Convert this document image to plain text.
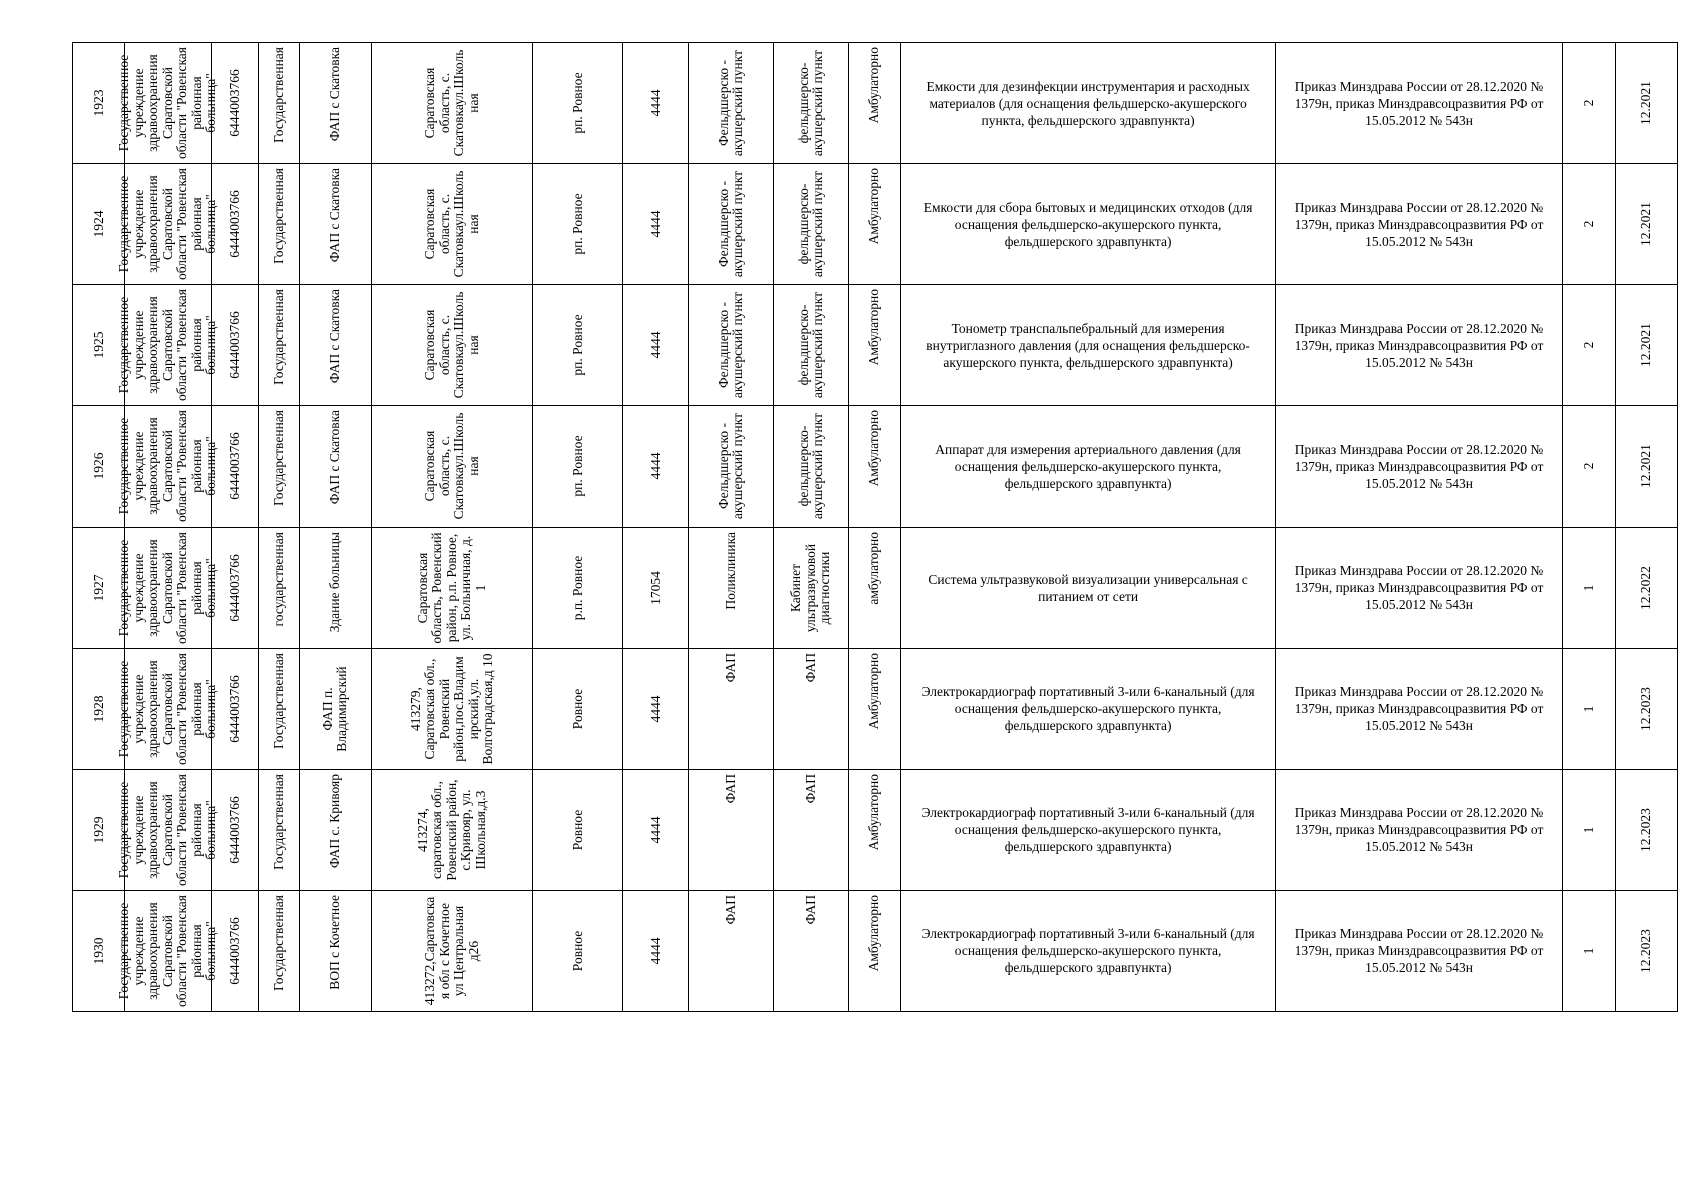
1923	Государственное учреждение здравоохранения Саратовской области "Ровенская районная больница"	6444003766	Государственная	ФАП с Скатовка	Саратовская область, с. Скатовкаул.Школьная	рп. Ровное	4444	Фельдшерско - акушерский пункт	фельдшерско-акушерский пункт	Амбулаторно	Емкости для дезинфекции инструментария и расходных материалов (для оснащения фельдшерско-акушерского пункта, фельдшерского здравпункта)	Приказ Минздрава России от 28.12.2020 № 1379н, приказ Минздравсоцразвития РФ от 15.05.2012 № 543н	2	12.2021

1924	Государственное учреждение здравоохранения Саратовской области "Ровенская районная больница"	6444003766	Государственная	ФАП с Скатовка	Саратовская область, с. Скатовкаул.Школьная	рп. Ровное	4444	Фельдшерско - акушерский пункт	фельдшерско-акушерский пункт	Амбулаторно	Емкости для сбора бытовых и медицинских отходов (для оснащения фельдшерско-акушерского пункта, фельдшерского здравпункта)	Приказ Минздрава России от 28.12.2020 № 1379н, приказ Минздравсоцразвития РФ от 15.05.2012 № 543н	2	12.2021

1925	Государственное учреждение здравоохранения Саратовской области "Ровенская районная больница"	6444003766	Государственная	ФАП с Скатовка	Саратовская область, с. Скатовкаул.Школьная	рп. Ровное	4444	Фельдшерско - акушерский пункт	фельдшерско-акушерский пункт	Амбулаторно	Тонометр транспальпебральный для измерения внутриглазного давления (для оснащения фельдшерско-акушерского пункта, фельдшерского здравпункта)	Приказ Минздрава России от 28.12.2020 № 1379н, приказ Минздравсоцразвития РФ от 15.05.2012 № 543н	2	12.2021

1926	Государственное учреждение здравоохранения Саратовской области "Ровенская районная больница"	6444003766	Государственная	ФАП с Скатовка	Саратовская область, с. Скатовкаул.Школьная	рп. Ровное	4444	Фельдшерско - акушерский пункт	фельдшерско-акушерский пункт	Амбулаторно	Аппарат для измерения артериального давления (для оснащения фельдшерско-акушерского пункта, фельдшерского здравпункта)	Приказ Минздрава России от 28.12.2020 № 1379н, приказ Минздравсоцразвития РФ от 15.05.2012 № 543н	2	12.2021

1927	Государственное учреждение здравоохранения Саратовской области "Ровенская районная больница"	6444003766	государственная	Здание больницы	Саратовская область, Ровенский район, р.п. Ровное, ул. Больничная, д. 1	р.п. Ровное	17054	Поликлиника	Кабинет ультразвуковой диагностики	амбулаторно	Система ультразвуковой визуализации универсальная с питанием от сети	Приказ Минздрава России от 28.12.2020 № 1379н, приказ Минздравсоцразвития РФ от 15.05.2012 № 543н	1	12.2022

1928	Государственное учреждение здравоохранения Саратовской области "Ровенская районная больница"	6444003766	Государственная	ФАП п. Владимирский	413279, Саратовская обл., Ровенский район,пос.Владимирский,ул. Волгоградская,д 10	Ровное	4444	ФАП	ФАП	Амбулаторно	Электрокардиограф портативный 3-или 6-канальный (для оснащения фельдшерско-акушерского пункта, фельдшерского здравпункта)	Приказ Минздрава России от 28.12.2020 № 1379н, приказ Минздравсоцразвития РФ от 15.05.2012 № 543н	1	12.2023

1929	Государственное учреждение здравоохранения Саратовской области "Ровенская районная больница"	6444003766	Государственная	ФАП с. Кривояр	413274, саратовская обл., Ровенский район, с.Кривояр, ул. Школьная,д.3	Ровное	4444	ФАП	ФАП	Амбулаторно	Электрокардиограф портативный 3-или 6-канальный (для оснащения фельдшерско-акушерского пункта, фельдшерского здравпункта)	Приказ Минздрава России от 28.12.2020 № 1379н, приказ Минздравсоцразвития РФ от 15.05.2012 № 543н	1	12.2023

1930	Государственное учреждение здравоохранения Саратовской области "Ровенская районная больница"	6444003766	Государственная	ВОП с Кочетное	413272,Саратовская обл с Кочетное ул Центральная д26	Ровное	4444	ФАП	ФАП	Амбулаторно	Электрокардиограф портативный 3-или 6-канальный (для оснащения фельдшерско-акушерского пункта, фельдшерского здравпункта)	Приказ Минздрава России от 28.12.2020 № 1379н, приказ Минздравсоцразвития РФ от 15.05.2012 № 543н	1	12.2023
